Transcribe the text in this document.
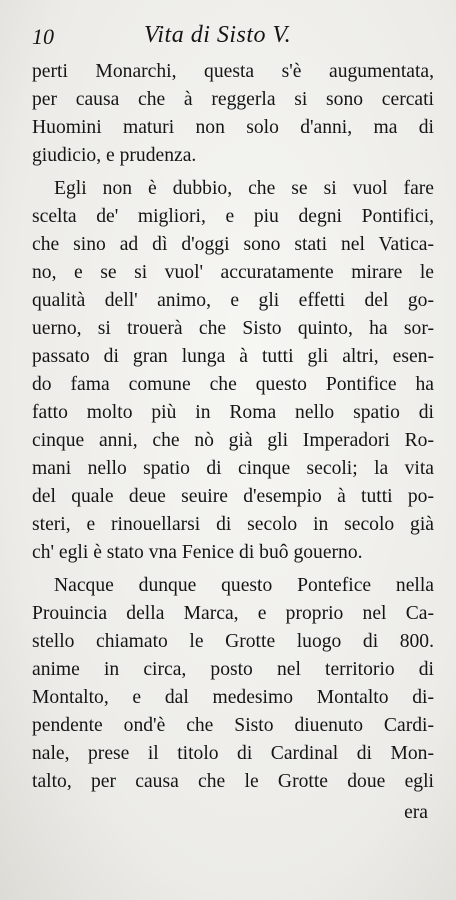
10	Vita di Sisto V.
perti Monarchi, questa s'è augumentata,
per causa che à reggerla si sono cercati
Huomini maturi non solo d'anni, ma di
giudicio, e prudenza.
Egli non è dubbio, che se si vuol fare
scelta de' migliori, e piu degni Pontifici,
che sino ad dì d'oggi sono stati nel Vatica-
no, e se si vuol' accuratamente mirare le
qualità dell' animo, e gli effetti del go-
uerno, si trouerà che Sisto quinto, ha sor-
passato di gran lunga à tutti gli altri, esen-
do fama comune che questo Pontifice ha
fatto molto più in Roma nello spatio di
cinque anni, che nò già gli Imperadori Ro-
mani nello spatio di cinque secoli; la vita
del quale deue seuire d'esempio à tutti po-
steri, e rinouellarsi di secolo in secolo già
ch' egli è stato vna Fenice di buô gouerno.
Nacque dunque questo Pontefice nella
Prouincia della Marca, e proprio nel Ca-
stello chiamato le Grotte luogo di 800.
anime in circa, posto nel territorio di
Montalto, e dal medesimo Montalto di-
pendente ond'è che Sisto diuenuto Cardi-
nale, prese il titolo di Cardinal di Mon-
talto, per causa che le Grotte doue egli
era
